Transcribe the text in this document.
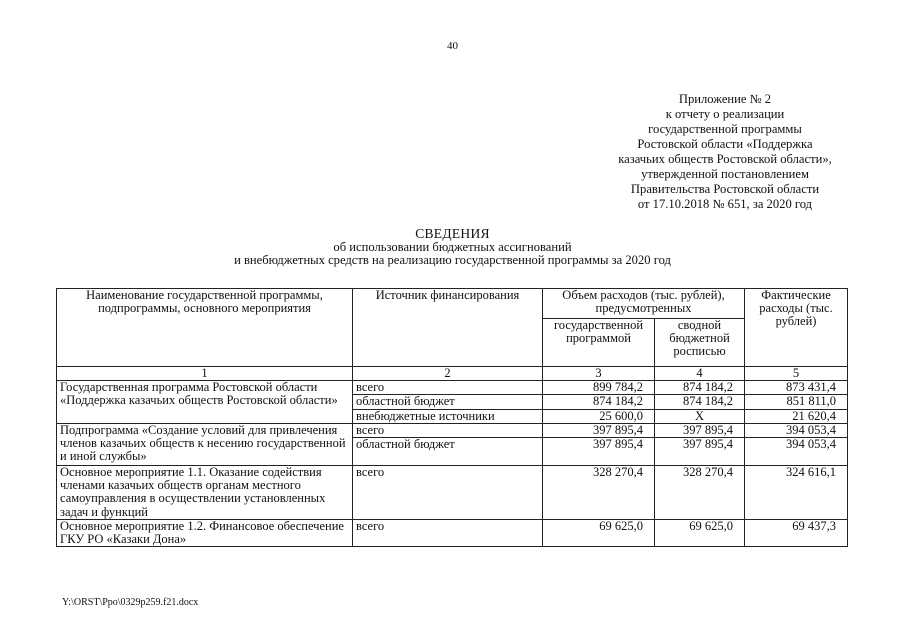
40
Приложение № 2
к отчету о реализации
государственной программы
Ростовской области «Поддержка
казачьих обществ Ростовской области»,
утвержденной постановлением
Правительства Ростовской области
от 17.10.2018 № 651, за 2020 год
СВЕДЕНИЯ
об использовании бюджетных ассигнований
и внебюджетных средств на реализацию государственной программы за 2020 год
Наименование государственной программы, подпрограммы, основного мероприятия	Источник финансирования	Объем расходов (тыс. рублей), предусмотренных		Фактические расходы (тыс. рублей)
		государственной программой	сводной бюджетной росписью	
1	2	3	4	5
Государственная программа Ростовской области «Поддержка казачьих обществ Ростовской области»	всего	899 784,2	874 184,2	873 431,4
	областной бюджет	874 184,2	874 184,2	851 811,0
	внебюджетные источники	25 600,0	Х	21 620,4
Подпрограмма «Создание условий для привлечения членов казачьих обществ к несению государственной и иной службы»	всего	397 895,4	397 895,4	394 053,4
	областной бюджет	397 895,4	397 895,4	394 053,4
Основное мероприятие 1.1. Оказание содействия членами казачьих обществ органам местного самоуправления в осуществлении установленных задач и функций	всего	328 270,4	328 270,4	324 616,1
Основное мероприятие 1.2. Финансовое обеспечение ГКУ РО «Казаки Дона»	всего	69 625,0	69 625,0	69 437,3
Y:\ORST\Ppo\0329p259.f21.docx
